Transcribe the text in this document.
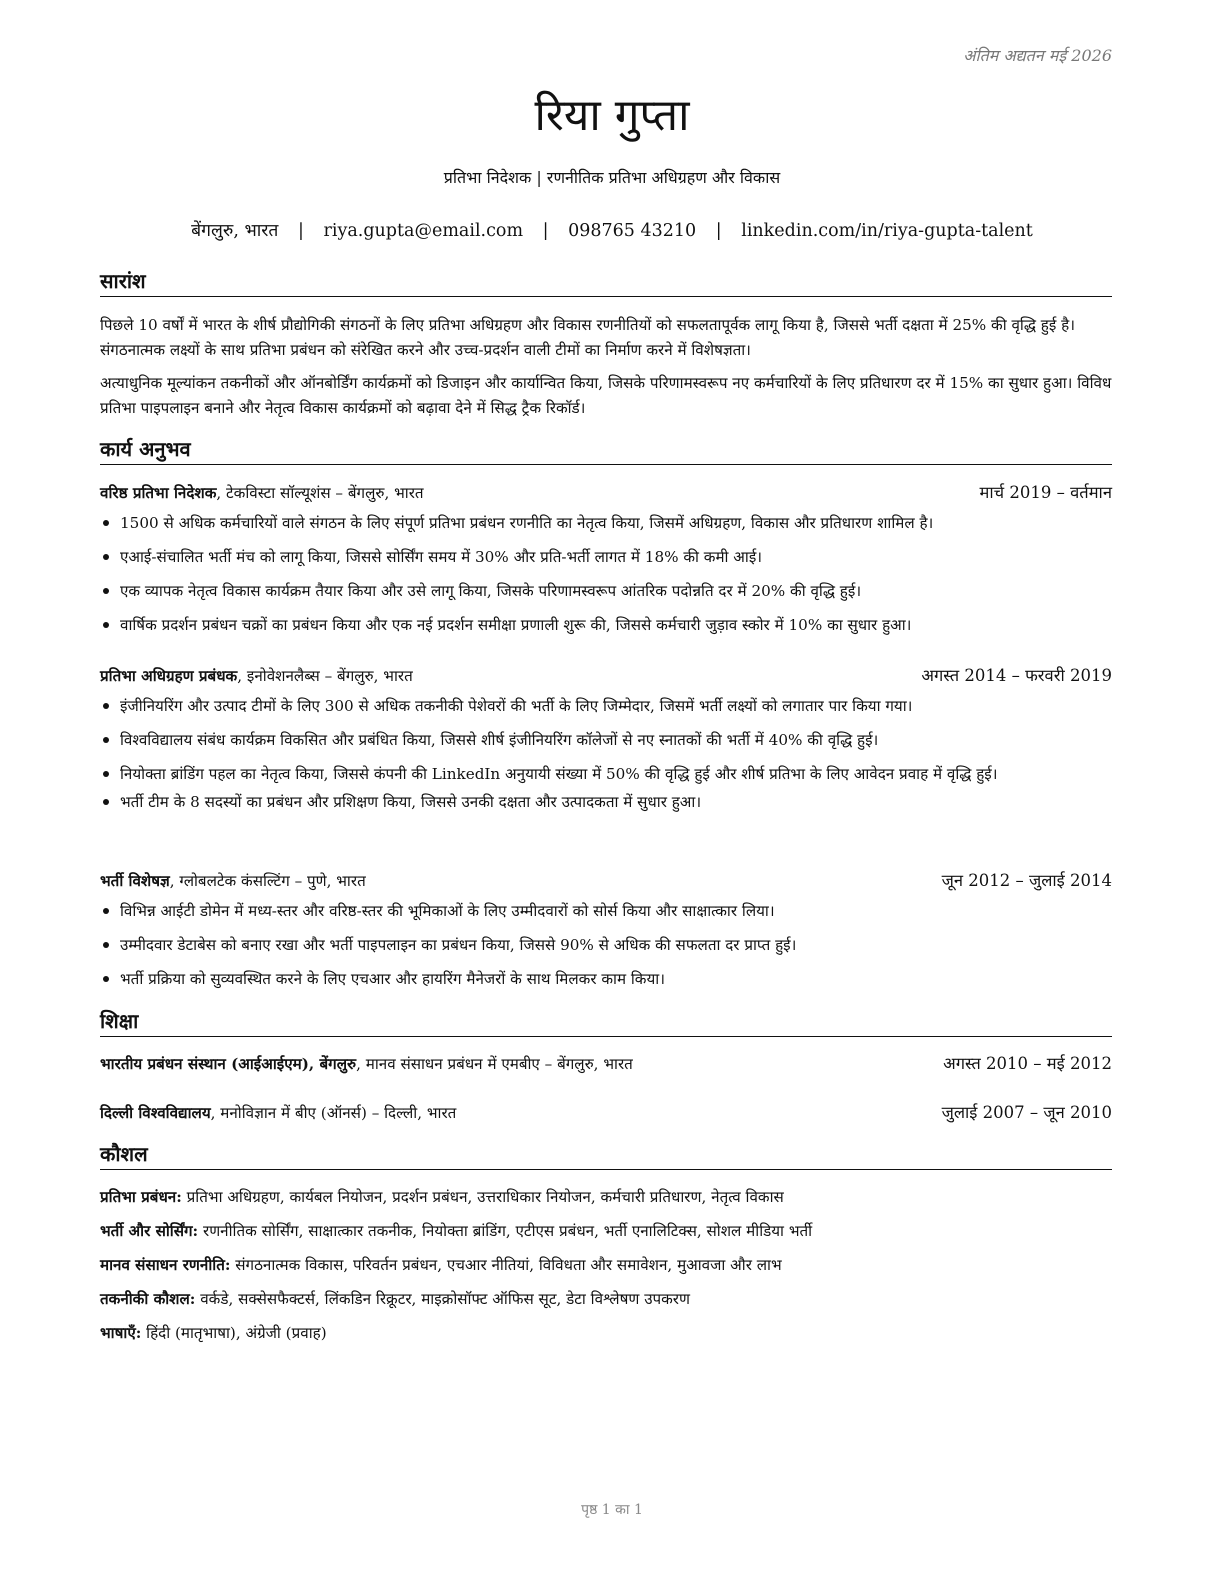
अंतिम अद्यतन मई 2026
रिया गुप्ता
प्रतिभा निदेशक | रणनीतिक प्रतिभा अधिग्रहण और विकास
बेंगलुरु, भारत | riya.gupta@email.com | 098765 43210 | linkedin.com/in/riya-gupta-talent
सारांश

पिछले 10 वर्षों में भारत के शीर्ष प्रौद्योगिकी संगठनों के लिए प्रतिभा अधिग्रहण और विकास रणनीतियों को सफलतापूर्वक लागू किया है, जिससे भर्ती दक्षता में 25% की वृद्धि हुई है। संगठनात्मक लक्ष्यों के साथ प्रतिभा प्रबंधन को संरेखित करने और उच्च-प्रदर्शन वाली टीमों का निर्माण करने में विशेषज्ञता।

अत्याधुनिक मूल्यांकन तकनीकों और ऑनबोर्डिंग कार्यक्रमों को डिजाइन और कार्यान्वित किया, जिसके परिणामस्वरूप नए कर्मचारियों के लिए प्रतिधारण दर में 15% का सुधार हुआ। विविध प्रतिभा पाइपलाइन बनाने और नेतृत्व विकास कार्यक्रमों को बढ़ावा देने में सिद्ध ट्रैक रिकॉर्ड।

कार्य अनुभव
वरिष्ठ प्रतिभा निदेशक, टेकविस्टा सॉल्यूशंस – बेंगलुरु, भारत	मार्च 2019 – वर्तमान
1500 से अधिक कर्मचारियों वाले संगठन के लिए संपूर्ण प्रतिभा प्रबंधन रणनीति का नेतृत्व किया, जिसमें अधिग्रहण, विकास और प्रतिधारण शामिल है।
एआई-संचालित भर्ती मंच को लागू किया, जिससे सोर्सिंग समय में 30% और प्रति-भर्ती लागत में 18% की कमी आई।
एक व्यापक नेतृत्व विकास कार्यक्रम तैयार किया और उसे लागू किया, जिसके परिणामस्वरूप आंतरिक पदोन्नति दर में 20% की वृद्धि हुई।
वार्षिक प्रदर्शन प्रबंधन चक्रों का प्रबंधन किया और एक नई प्रदर्शन समीक्षा प्रणाली शुरू की, जिससे कर्मचारी जुड़ाव स्कोर में 10% का सुधार हुआ।
प्रतिभा अधिग्रहण प्रबंधक, इनोवेशनलैब्स – बेंगलुरु, भारत	अगस्त 2014 – फरवरी 2019
इंजीनियरिंग और उत्पाद टीमों के लिए 300 से अधिक तकनीकी पेशेवरों की भर्ती के लिए जिम्मेदार, जिसमें भर्ती लक्ष्यों को लगातार पार किया गया।
विश्वविद्यालय संबंध कार्यक्रम विकसित और प्रबंधित किया, जिससे शीर्ष इंजीनियरिंग कॉलेजों से नए स्नातकों की भर्ती में 40% की वृद्धि हुई।
नियोक्ता ब्रांडिंग पहल का नेतृत्व किया, जिससे कंपनी की LinkedIn अनुयायी संख्या में 50% की वृद्धि हुई और शीर्ष प्रतिभा के लिए आवेदन प्रवाह में वृद्धि हुई।
भर्ती टीम के 8 सदस्यों का प्रबंधन और प्रशिक्षण किया, जिससे उनकी दक्षता और उत्पादकता में सुधार हुआ।
भर्ती विशेषज्ञ, ग्लोबलटेक कंसल्टिंग – पुणे, भारत	जून 2012 – जुलाई 2014
विभिन्न आईटी डोमेन में मध्य-स्तर और वरिष्ठ-स्तर की भूमिकाओं के लिए उम्मीदवारों को सोर्स किया और साक्षात्कार लिया।
उम्मीदवार डेटाबेस को बनाए रखा और भर्ती पाइपलाइन का प्रबंधन किया, जिससे 90% से अधिक की सफलता दर प्राप्त हुई।
भर्ती प्रक्रिया को सुव्यवस्थित करने के लिए एचआर और हायरिंग मैनेजरों के साथ मिलकर काम किया।
शिक्षा
भारतीय प्रबंधन संस्थान (आईआईएम), बेंगलुरु, मानव संसाधन प्रबंधन में एमबीए – बेंगलुरु, भारत	अगस्त 2010 – मई 2012
दिल्ली विश्वविद्यालय, मनोविज्ञान में बीए (ऑनर्स) – दिल्ली, भारत	जुलाई 2007 – जून 2010
कौशल
प्रतिभा प्रबंधन: प्रतिभा अधिग्रहण, कार्यबल नियोजन, प्रदर्शन प्रबंधन, उत्तराधिकार नियोजन, कर्मचारी प्रतिधारण, नेतृत्व विकास
भर्ती और सोर्सिंग: रणनीतिक सोर्सिंग, साक्षात्कार तकनीक, नियोक्ता ब्रांडिंग, एटीएस प्रबंधन, भर्ती एनालिटिक्स, सोशल मीडिया भर्ती
मानव संसाधन रणनीति: संगठनात्मक विकास, परिवर्तन प्रबंधन, एचआर नीतियां, विविधता और समावेशन, मुआवजा और लाभ
तकनीकी कौशल: वर्कडे, सक्सेसफैक्टर्स, लिंकडिन रिक्रूटर, माइक्रोसॉफ्ट ऑफिस सूट, डेटा विश्लेषण उपकरण
भाषाएँ: हिंदी (मातृभाषा), अंग्रेजी (प्रवाह)
पृष्ठ 1 का 1
